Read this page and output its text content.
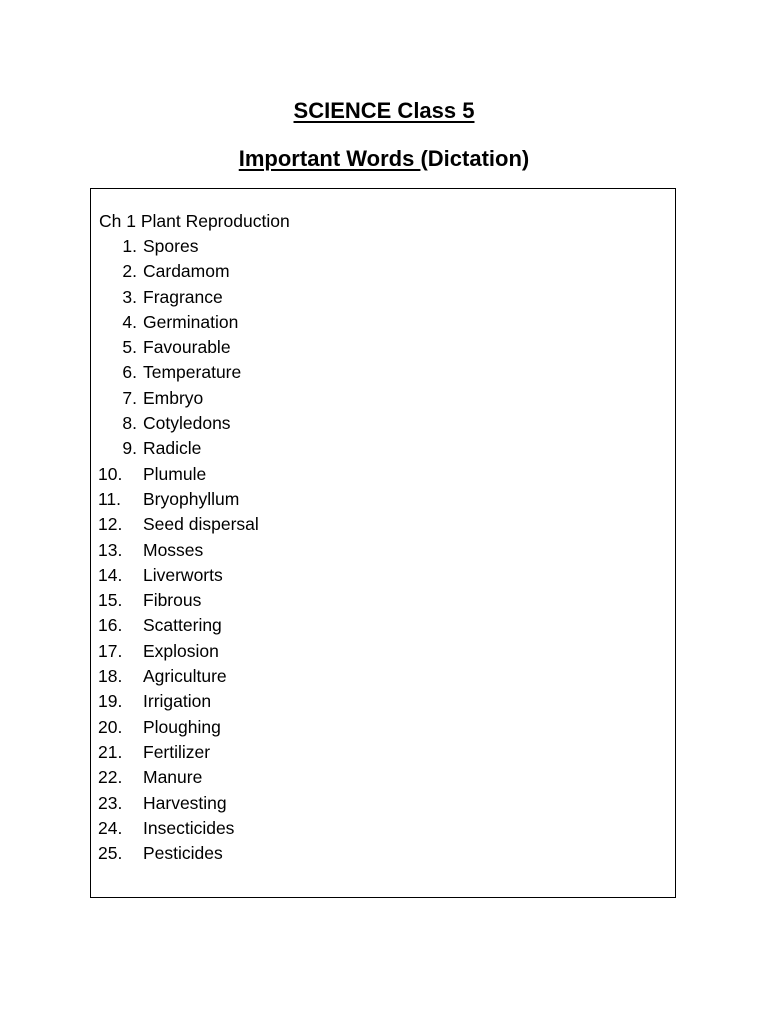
SCIENCE Class 5
Important Words (Dictation)
Ch 1 Plant Reproduction
1. Spores
2. Cardamom
3. Fragrance
4. Germination
5. Favourable
6. Temperature
7. Embryo
8. Cotyledons
9. Radicle
10.	Plumule
11.	Bryophyllum
12.	Seed dispersal
13.	Mosses
14.	Liverworts
15.	Fibrous
16.	Scattering
17.	Explosion
18.	Agriculture
19.	Irrigation
20.	Ploughing
21.	Fertilizer
22.	Manure
23.	Harvesting
24.	Insecticides
25.	Pesticides
